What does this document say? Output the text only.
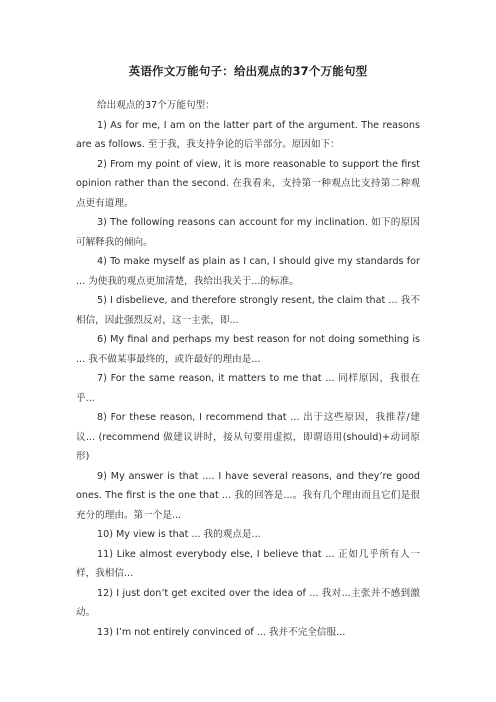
英语作文万能句子：给出观点的37个万能句型

给出观点的37个万能句型：

1) As for me, I am on the latter part of the argument. The reasons are as follows. 至于我，我支持争论的后半部分。原因如下：

2) From my point of view, it is more reasonable to support the first opinion rather than the second. 在我看来，支持第一种观点比支持第二种观点更有道理。

3) The following reasons can account for my inclination. 如下的原因可解释我的倾向。

4) To make myself as plain as I can, I should give my standards for ... 为使我的观点更加清楚，我给出我关于...的标准。

5) I disbelieve, and therefore strongly resent, the claim that ... 我不相信，因此强烈反对，这一主张，即...

6) My final and perhaps my best reason for not doing something is ... 我不做某事最终的，或许最好的理由是...

7) For the same reason, it matters to me that ... 同样原因，我很在乎...

8) For these reason, I recommend that ... 出于这些原因，我推荐/建议... (recommend 做建议讲时，接从句要用虚拟，即谓语用(should)+动词原形)

9) My answer is that .... I have several reasons, and they’re good ones. The first is the one that ... 我的回答是...。我有几个理由而且它们是很充分的理由。第一个是...

10) My view is that ... 我的观点是...

11) Like almost everybody else, I believe that ... 正如几乎所有人一样，我相信...

12) I just don’t get excited over the idea of ... 我对...主张并不感到激动。

13) I’m not entirely convinced of ... 我并不完全信服...
